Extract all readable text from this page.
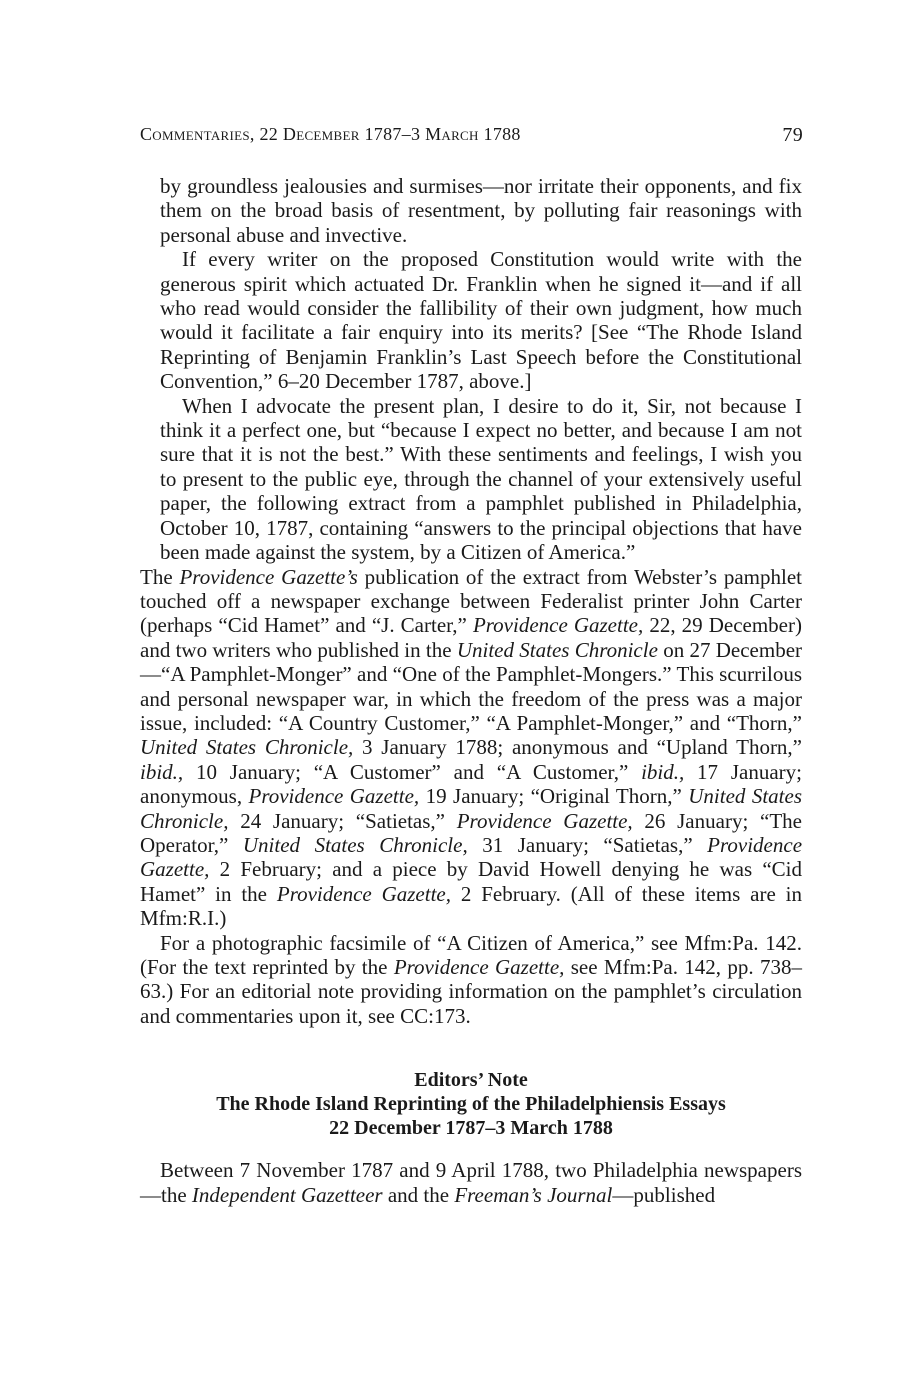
Commentaries, 22 December 1787–3 March 1788	79

by groundless jealousies and surmises—nor irritate their opponents, and fix them on the broad basis of resentment, by polluting fair reasonings with personal abuse and invective.

If every writer on the proposed Constitution would write with the generous spirit which actuated Dr. Franklin when he signed it—and if all who read would consider the fallibility of their own judgment, how much would it facilitate a fair enquiry into its merits? [See “The Rhode Island Reprinting of Benjamin Franklin’s Last Speech before the Constitutional Convention,” 6–20 December 1787, above.]

When I advocate the present plan, I desire to do it, Sir, not because I think it a perfect one, but “because I expect no better, and because I am not sure that it is not the best.” With these sentiments and feelings, I wish you to present to the public eye, through the channel of your extensively useful paper, the following extract from a pamphlet published in Philadelphia, October 10, 1787, containing “answers to the principal objections that have been made against the system, by a Citizen of America.”

The Providence Gazette’s publication of the extract from Webster’s pamphlet touched off a newspaper exchange between Federalist printer John Carter (perhaps “Cid Hamet” and “J. Carter,” Providence Gazette, 22, 29 December) and two writers who published in the United States Chronicle on 27 December—“A Pamphlet-Monger” and “One of the Pamphlet-Mongers.” This scurrilous and personal newspaper war, in which the freedom of the press was a major issue, included: “A Country Customer,” “A Pamphlet-Monger,” and “Thorn,” United States Chronicle, 3 January 1788; anonymous and “Upland Thorn,” ibid., 10 January; “A Customer” and “A Customer,” ibid., 17 January; anonymous, Providence Gazette, 19 January; “Original Thorn,” United States Chronicle, 24 January; “Satietas,” Providence Gazette, 26 January; “The Operator,” United States Chronicle, 31 January; “Satietas,” Providence Gazette, 2 February; and a piece by David Howell denying he was “Cid Hamet” in the Providence Gazette, 2 February. (All of these items are in Mfm:R.I.)

For a photographic facsimile of “A Citizen of America,” see Mfm:Pa. 142. (For the text reprinted by the Providence Gazette, see Mfm:Pa. 142, pp. 738–63.) For an editorial note providing information on the pamphlet’s circulation and commentaries upon it, see CC:173.

Editors’ Note
The Rhode Island Reprinting of the Philadelphiensis Essays
22 December 1787–3 March 1788

Between 7 November 1787 and 9 April 1788, two Philadelphia newspapers—the Independent Gazetteer and the Freeman’s Journal—published
